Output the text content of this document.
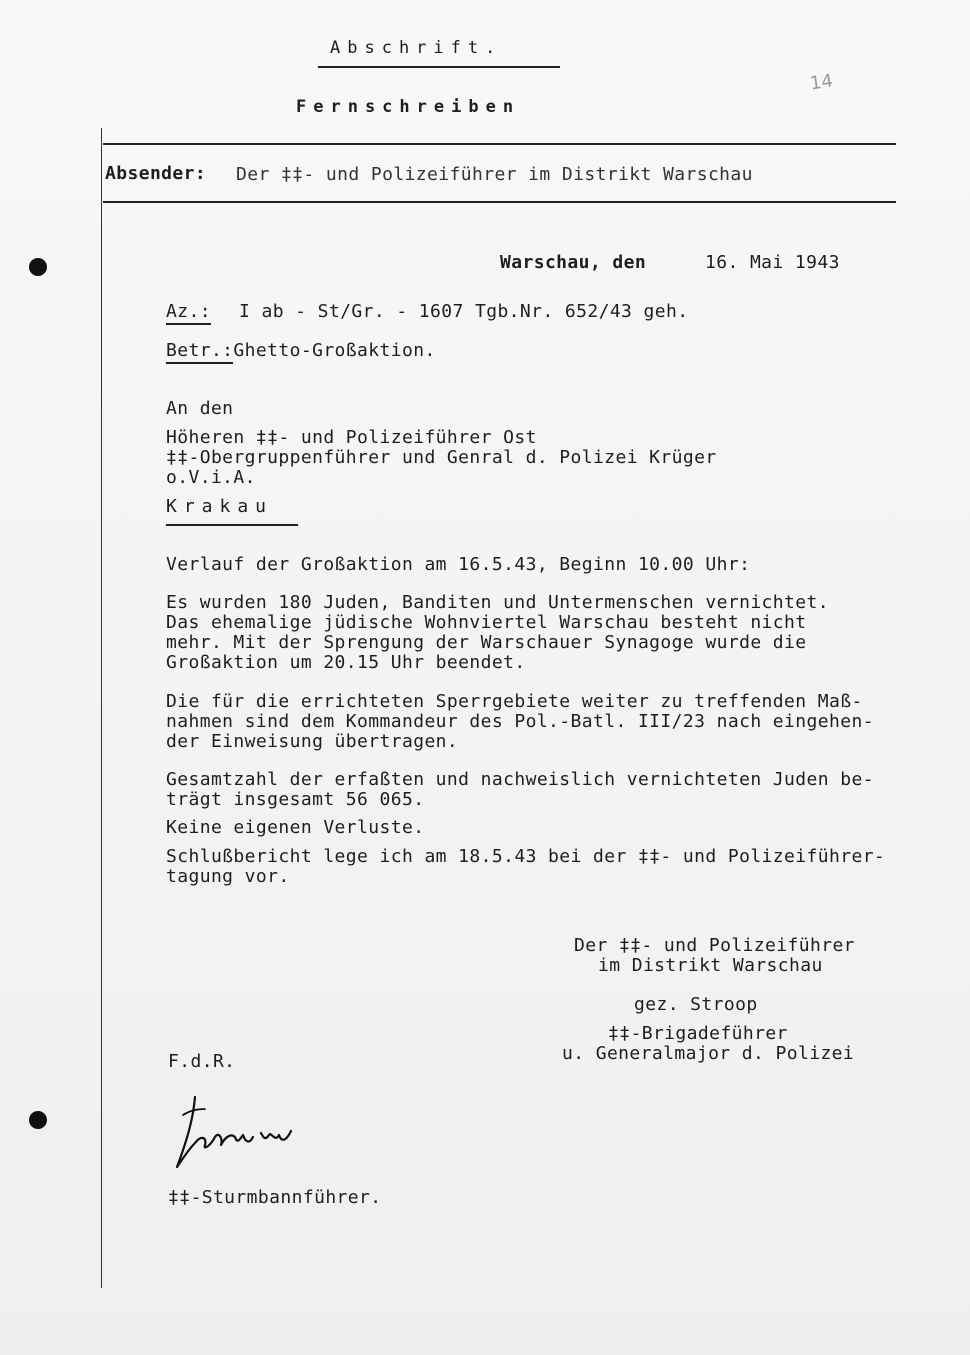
Abschrift.
Fernschreiben
14
Absender: Der ‡‡- und Polizeiführer im Distrikt Warschau
Warschau, den	16. Mai 1943
Az.: I ab - St/Gr. - 1607 Tgb.Nr. 652/43 geh.
Betr.:Ghetto-Großaktion.
An den
Höheren ‡‡- und Polizeiführer Ost
‡‡-Obergruppenführer und Genral d. Polizei Krüger
o.V.i.A.
Krakau
Verlauf der Großaktion am 16.5.43, Beginn 10.00 Uhr:
Es wurden 180 Juden, Banditen und Untermenschen vernichtet.
Das ehemalige jüdische Wohnviertel Warschau besteht nicht
mehr. Mit der Sprengung der Warschauer Synagoge wurde die
Großaktion um 20.15 Uhr beendet.
Die für die errichteten Sperrgebiete weiter zu treffenden Maß-
nahmen sind dem Kommandeur des Pol.-Batl. III/23 nach eingehen-
der Einweisung übertragen.
Gesamtzahl der erfaßten und nachweislich vernichteten Juden be-
trägt insgesamt 56 065.
Keine eigenen Verluste.
Schlußbericht lege ich am 18.5.43 bei der ‡‡- und Polizeiführer-
tagung vor.
Der ‡‡- und Polizeiführer
im Distrikt Warschau
gez. Stroop
‡‡-Brigadeführer
u. Generalmajor d. Polizei
F.d.R.
‡‡-Sturmbannführer.
